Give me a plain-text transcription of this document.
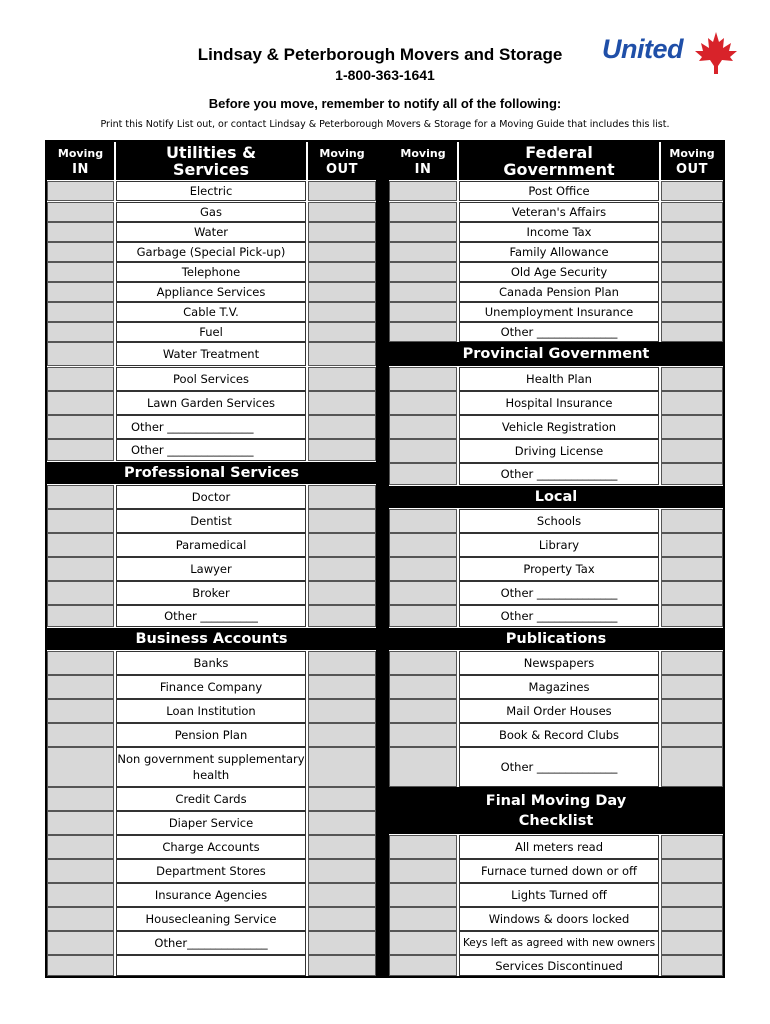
Lindsay & Peterborough Movers and Storage
1-800-363-1641
United
Before you move, remember to notify all of the following:
Print this Notify List out, or contact Lindsay & Peterborough Movers & Storage for a Moving Guide that includes this list.
Moving
IN
Utilities & Services
Moving
OUT
Moving
IN
Federal Government
Moving
OUT
Electric
Gas
Water
Garbage (Special Pick-up)
Telephone
Appliance Services
Cable T.V.
Fuel
Water Treatment
Pool Services
Lawn Garden Services
Other _______________
Other _______________
Professional Services
Doctor
Dentist
Paramedical
Lawyer
Broker
Other __________
Business Accounts
Banks
Finance Company
Loan Institution
Pension Plan
Non government supplementary health
Credit Cards
Diaper Service
Charge Accounts
Department Stores
Insurance Agencies
Housecleaning Service
Other______________
Post Office
Veteran's Affairs
Income Tax
Family Allowance
Old Age Security
Canada Pension Plan
Unemployment Insurance
Other ______________
Provincial Government
Health Plan
Hospital Insurance
Vehicle Registration
Driving License
Other ______________
Local
Schools
Library
Property Tax
Other ______________
Other ______________
Publications
Newspapers
Magazines
Mail Order Houses
Book & Record Clubs
Other ______________
Final Moving Day Checklist
All meters read
Furnace turned down or off
Lights Turned off
Windows & doors locked
Keys left as agreed with new owners
Services Discontinued
